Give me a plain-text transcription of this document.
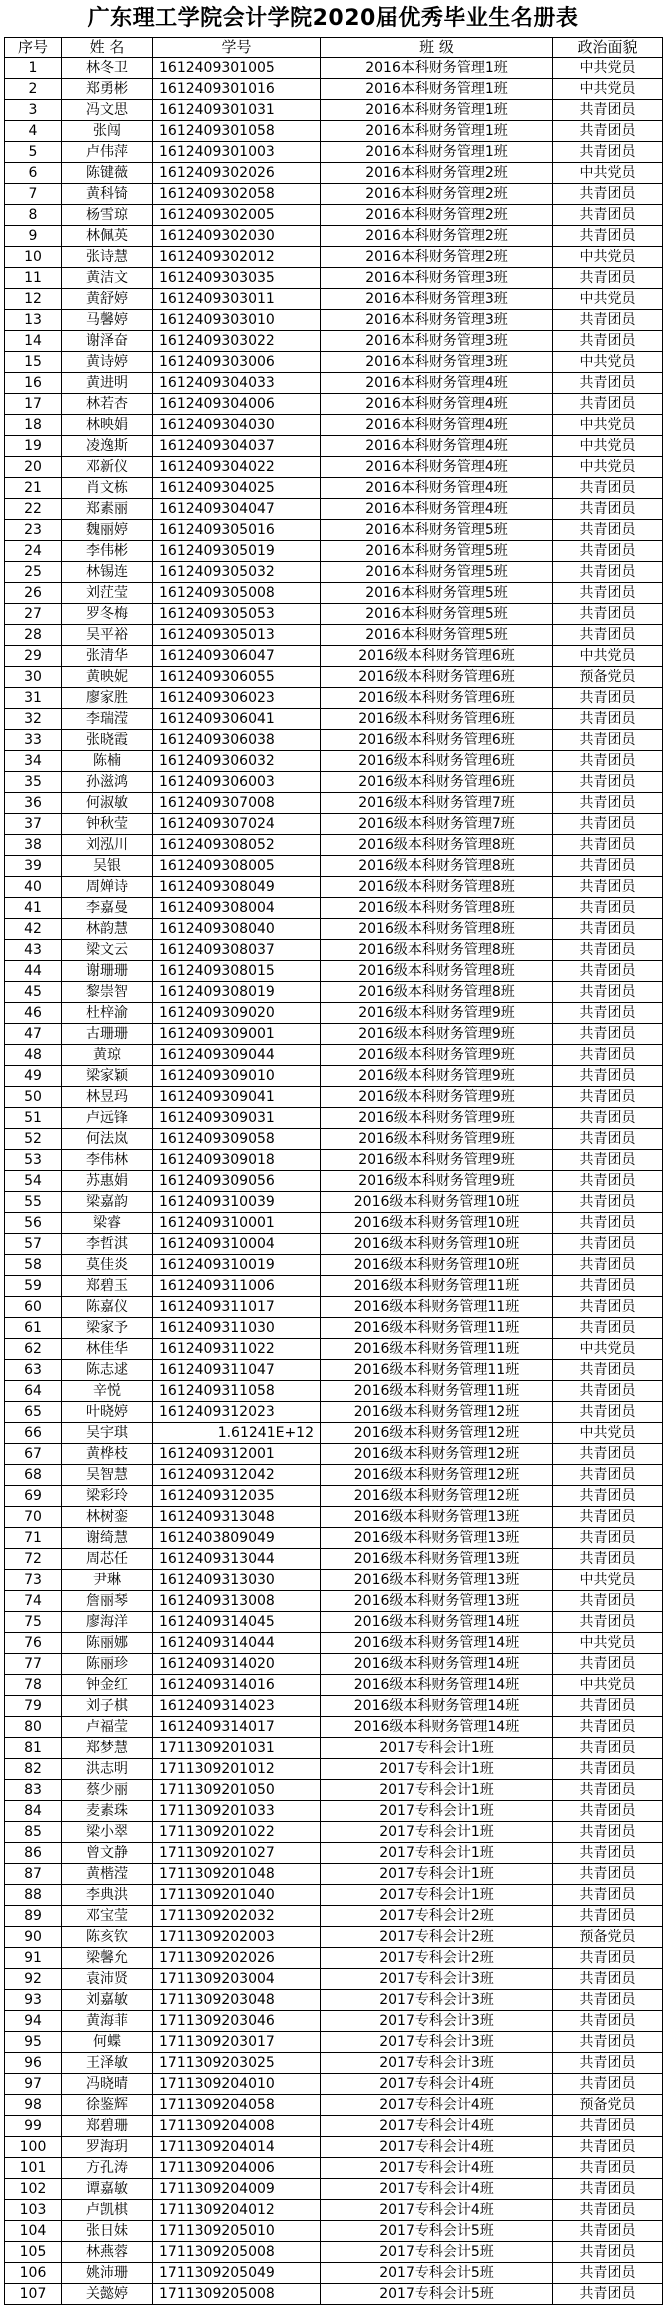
广东理工学院会计学院2020届优秀毕业生名册表
序号	姓 名	学号	班 级	政治面貌
1	林冬卫	1612409301005	2016本科财务管理1班	中共党员
2	郑勇彬	1612409301016	2016本科财务管理1班	中共党员
3	冯文思	1612409301031	2016本科财务管理1班	共青团员
4	张闯	1612409301058	2016本科财务管理1班	共青团员
5	卢伟萍	1612409301003	2016本科财务管理1班	共青团员
6	陈键薇	1612409302026	2016本科财务管理2班	中共党员
7	黄科锜	1612409302058	2016本科财务管理2班	共青团员
8	杨雪琼	1612409302005	2016本科财务管理2班	共青团员
9	林佩英	1612409302030	2016本科财务管理2班	共青团员
10	张诗慧	1612409302012	2016本科财务管理2班	中共党员
11	黄洁文	1612409303035	2016本科财务管理3班	共青团员
12	黄舒婷	1612409303011	2016本科财务管理3班	中共党员
13	马馨婷	1612409303010	2016本科财务管理3班	共青团员
14	谢泽奋	1612409303022	2016本科财务管理3班	共青团员
15	黄诗婷	1612409303006	2016本科财务管理3班	中共党员
16	黄进明	1612409304033	2016本科财务管理4班	共青团员
17	林若杏	1612409304006	2016本科财务管理4班	共青团员
18	林映娟	1612409304030	2016本科财务管理4班	中共党员
19	凌逸斯	1612409304037	2016本科财务管理4班	中共党员
20	邓新仪	1612409304022	2016本科财务管理4班	中共党员
21	肖文栋	1612409304025	2016本科财务管理4班	共青团员
22	郑素丽	1612409304047	2016本科财务管理4班	共青团员
23	魏丽婷	1612409305016	2016本科财务管理5班	共青团员
24	李伟彬	1612409305019	2016本科财务管理5班	共青团员
25	林锡连	1612409305032	2016本科财务管理5班	共青团员
26	刘茳莹	1612409305008	2016本科财务管理5班	共青团员
27	罗冬梅	1612409305053	2016本科财务管理5班	共青团员
28	吴平裕	1612409305013	2016本科财务管理5班	共青团员
29	张清华	1612409306047	2016级本科财务管理6班	中共党员
30	黄映妮	1612409306055	2016级本科财务管理6班	预备党员
31	廖家胜	1612409306023	2016级本科财务管理6班	共青团员
32	李瑞滢	1612409306041	2016级本科财务管理6班	共青团员
33	张晓霞	1612409306038	2016级本科财务管理6班	共青团员
34	陈楠	1612409306032	2016级本科财务管理6班	共青团员
35	孙滋鸿	1612409306003	2016级本科财务管理6班	共青团员
36	何淑敏	1612409307008	2016级本科财务管理7班	共青团员
37	钟秋莹	1612409307024	2016级本科财务管理7班	共青团员
38	刘泓川	1612409308052	2016级本科财务管理8班	共青团员
39	吴银	1612409308005	2016级本科财务管理8班	共青团员
40	周婵诗	1612409308049	2016级本科财务管理8班	共青团员
41	李嘉曼	1612409308004	2016级本科财务管理8班	共青团员
42	林韵慧	1612409308040	2016级本科财务管理8班	共青团员
43	梁文云	1612409308037	2016级本科财务管理8班	共青团员
44	谢珊珊	1612409308015	2016级本科财务管理8班	共青团员
45	黎崇智	1612409308019	2016级本科财务管理8班	共青团员
46	杜梓渝	1612409309020	2016级本科财务管理9班	共青团员
47	古珊珊	1612409309001	2016级本科财务管理9班	共青团员
48	黄琼	1612409309044	2016级本科财务管理9班	共青团员
49	梁家颖	1612409309010	2016级本科财务管理9班	共青团员
50	林昱玛	1612409309041	2016级本科财务管理9班	共青团员
51	卢远锋	1612409309031	2016级本科财务管理9班	共青团员
52	何法岚	1612409309058	2016级本科财务管理9班	共青团员
53	李伟林	1612409309018	2016级本科财务管理9班	共青团员
54	苏惠娟	1612409309056	2016级本科财务管理9班	共青团员
55	梁嘉韵	1612409310039	2016级本科财务管理10班	共青团员
56	梁睿	1612409310001	2016级本科财务管理10班	共青团员
57	李哲淇	1612409310004	2016级本科财务管理10班	共青团员
58	莫佳炎	1612409310019	2016级本科财务管理10班	共青团员
59	郑碧玉	1612409311006	2016级本科财务管理11班	共青团员
60	陈嘉仪	1612409311017	2016级本科财务管理11班	共青团员
61	梁家予	1612409311030	2016级本科财务管理11班	共青团员
62	林佳华	1612409311022	2016级本科财务管理11班	中共党员
63	陈志逑	1612409311047	2016级本科财务管理11班	共青团员
64	辛悦	1612409311058	2016级本科财务管理11班	共青团员
65	叶晓婷	1612409312023	2016级本科财务管理12班	共青团员
66	吴宇琪	1.61241E+12	2016级本科财务管理12班	中共党员
67	黄桦枝	1612409312001	2016级本科财务管理12班	共青团员
68	吴智慧	1612409312042	2016级本科财务管理12班	共青团员
69	梁彩玲	1612409312035	2016级本科财务管理12班	共青团员
70	林树銮	1612409313048	2016级本科财务管理13班	共青团员
71	谢绮慧	1612403809049	2016级本科财务管理13班	共青团员
72	周芯任	1612409313044	2016级本科财务管理13班	共青团员
73	尹琳	1612409313030	2016级本科财务管理13班	中共党员
74	詹丽琴	1612409313008	2016级本科财务管理13班	共青团员
75	廖海洋	1612409314045	2016级本科财务管理14班	共青团员
76	陈丽娜	1612409314044	2016级本科财务管理14班	中共党员
77	陈丽珍	1612409314020	2016级本科财务管理14班	共青团员
78	钟金红	1612409314016	2016级本科财务管理14班	中共党员
79	刘子棋	1612409314023	2016级本科财务管理14班	共青团员
80	卢福莹	1612409314017	2016级本科财务管理14班	共青团员
81	郑梦慧	1711309201031	2017专科会计1班	共青团员
82	洪志明	1711309201012	2017专科会计1班	共青团员
83	蔡少丽	1711309201050	2017专科会计1班	共青团员
84	麦素珠	1711309201033	2017专科会计1班	共青团员
85	梁小翠	1711309201022	2017专科会计1班	共青团员
86	曾文静	1711309201027	2017专科会计1班	共青团员
87	黄楷滢	1711309201048	2017专科会计1班	共青团员
88	李典洪	1711309201040	2017专科会计1班	共青团员
89	邓宝莹	1711309202032	2017专科会计2班	共青团员
90	陈亥钦	1711309202003	2017专科会计2班	预备党员
91	梁馨允	1711309202026	2017专科会计2班	共青团员
92	袁沛贤	1711309203004	2017专科会计3班	共青团员
93	刘嘉敏	1711309203048	2017专科会计3班	共青团员
94	黄海菲	1711309203046	2017专科会计3班	共青团员
95	何蝶	1711309203017	2017专科会计3班	共青团员
96	王泽敏	1711309203025	2017专科会计3班	共青团员
97	冯晓晴	1711309204010	2017专科会计4班	共青团员
98	徐鉴辉	1711309204058	2017专科会计4班	预备党员
99	郑碧珊	1711309204008	2017专科会计4班	共青团员
100	罗海玥	1711309204014	2017专科会计4班	共青团员
101	方孔涛	1711309204006	2017专科会计4班	共青团员
102	谭嘉敏	1711309204009	2017专科会计4班	共青团员
103	卢凯棋	1711309204012	2017专科会计4班	共青团员
104	张日妹	1711309205010	2017专科会计5班	共青团员
105	林燕蓉	1711309205008	2017专科会计5班	共青团员
106	姚沛珊	1711309205049	2017专科会计5班	共青团员
107	关懿婷	1711309205008	2017专科会计5班	共青团员
